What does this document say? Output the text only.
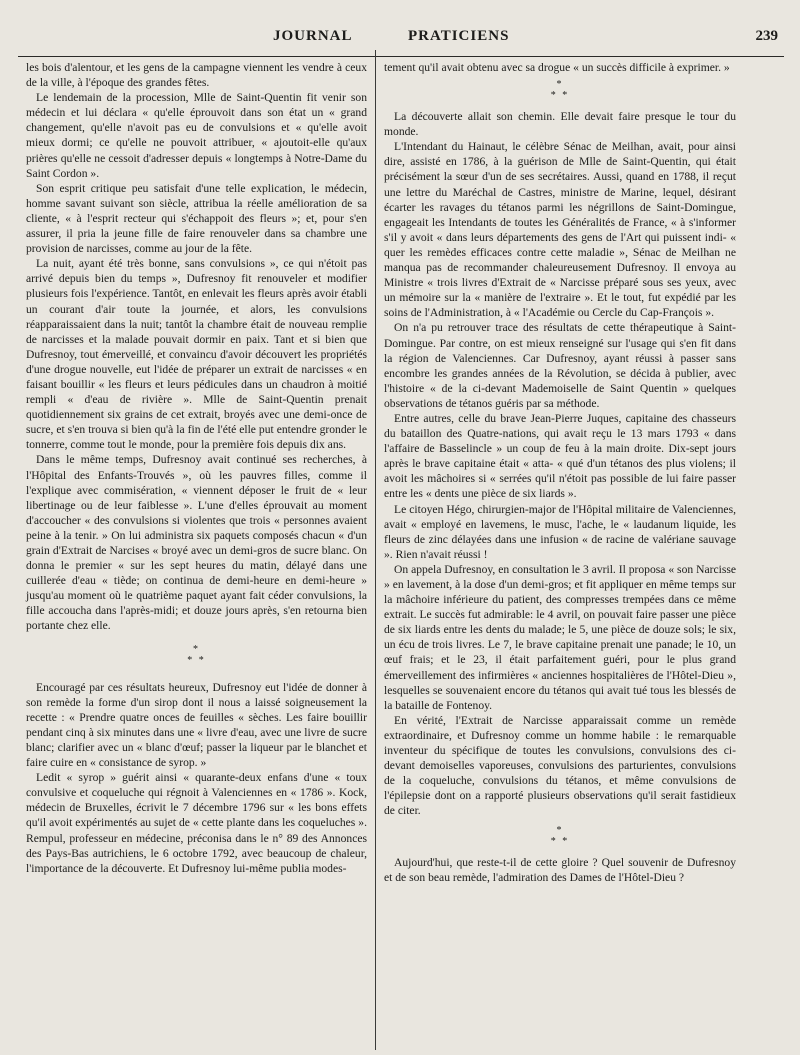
JOURNAL	PRATICIENS	239

les bois d'alentour, et les gens de la campagne viennent les vendre à ceux de la ville, à l'époque des grandes fêtes.

Le lendemain de la procession, Mlle de Saint-Quentin fit venir son médecin et lui déclara « qu'elle éprouvoit dans son état un « grand changement, qu'elle n'avoit pas eu de convulsions et « qu'elle avoit mieux dormi; ce qu'elle ne pouvoit attribuer, « ajoutoit-elle qu'aux prières qu'elle ne cessoit d'adresser depuis « longtemps à Notre-Dame du Saint Cordon ».

Son esprit critique peu satisfait d'une telle explication, le médecin, homme savant suivant son siècle, attribua la réelle amélioration de sa cliente, « à l'esprit recteur qui s'échappoit des fleurs »; et, pour s'en assurer, il pria la jeune fille de faire renouveler dans sa chambre une provision de narcisses, comme au jour de la fête.

La nuit, ayant été très bonne, sans convulsions », ce qui n'étoit pas arrivé depuis bien du temps », Dufresnoy fit renouveler et modifier plusieurs fois l'expérience. Tantôt, en enlevait les fleurs après avoir établi un courant d'air toute la journée, et alors, les convulsions réapparaissaient dans la nuit; tantôt la chambre était de nouveau remplie de narcisses et la malade pouvait dormir en paix. Tant et si bien que Dufresnoy, tout émerveillé, et convaincu d'avoir découvert les propriétés d'une drogue nouvelle, eut l'idée de préparer un extrait de narcisses « en faisant bouillir « les fleurs et leurs pédicules dans un chaudron à moitié rempli « d'eau de rivière ». Mlle de Saint-Quentin prenait quotidiennement six grains de cet extrait, broyés avec une demi-once de sucre, et s'en trouva si bien qu'à la fin de l'été elle put entendre gronder le tonnerre, comme tout le monde, pour la première fois depuis dix ans.

Dans le même temps, Dufresnoy avait continué ses recherches, à l'Hôpital des Enfants-Trouvés », où les pauvres filles, comme il l'explique avec commisération, « viennent déposer le fruit de « leur libertinage ou de leur faiblesse ». L'une d'elles éprouvait au moment d'accoucher « des convulsions si violentes que trois « personnes avaient peine à la tenir. » On lui administra six paquets composés chacun « d'un grain d'Extrait de Narcises « broyé avec un demi-gros de sucre blanc. On donna le premier « sur les sept heures du matin, délayé dans une cuillerée d'eau « tiède; on continua de demi-heure en demi-heure » jusqu'au moment où le quatrième paquet ayant fait céder convulsions, la fille accoucha dans l'après-midi; et douze jours après, s'en retourna bien portante chez elle.

*
* *

Encouragé par ces résultats heureux, Dufresnoy eut l'idée de donner à son remède la forme d'un sirop dont il nous a laissé soigneusement la recette : « Prendre quatre onces de feuilles « sèches. Les faire bouillir pendant cinq à six minutes dans une « livre d'eau, avec une livre de sucre blanc; clarifier avec un « blanc d'œuf; passer la liqueur par le blanchet et faire cuire en « consistance de syrop. »

Ledit « syrop » guérit ainsi « quarante-deux enfans d'une « toux convulsive et coqueluche qui régnoit à Valenciennes en « 1786 ». Kock, médecin de Bruxelles, écrivit le 7 décembre 1796 sur « les bons effets qu'il avoit expérimentés au sujet de « cette plante dans les coqueluches ». Rempul, professeur en médecine, préconisa dans le n° 89 des Annonces des Pays-Bas autrichiens, le 6 octobre 1792, avec beaucoup de chaleur, l'importance de la découverte. Et Dufresnoy lui-même publia modes-

tement qu'il avait obtenu avec sa drogue « un succès difficile à exprimer. »

*
* *

La découverte allait son chemin. Elle devait faire presque le tour du monde.

L'Intendant du Hainaut, le célèbre Sénac de Meilhan, avait, pour ainsi dire, assisté en 1786, à la guérison de Mlle de Saint-Quentin, qui était précisément la sœur d'un de ses secrétaires. Aussi, quand en 1788, il reçut une lettre du Maréchal de Castres, ministre de Marine, lequel, désirant écarter les ravages du tétanos parmi les négrillons de Saint-Domingue, engageait les Intendants de toutes les Généralités de France, « à s'informer s'il y avoit « dans leurs départements des gens de l'Art qui puissent indi- « quer les remèdes efficaces contre cette maladie », Sénac de Meilhan ne manqua pas de recommander chaleureusement Dufresnoy. Il envoya au Ministre « trois livres d'Extrait de « Narcisse préparé sous ses yeux, avec un mémoire sur la « manière de l'extraire ». Et le tout, fut expédié par les soins de l'Administration, à « l'Académie ou Cercle du Cap-François ».

On n'a pu retrouver trace des résultats de cette thérapeutique à Saint-Domingue. Par contre, on est mieux renseigné sur l'usage qui s'en fit dans la région de Valenciennes. Car Dufresnoy, ayant réussi à passer sans encombre les grandes années de la Révolution, se décida à publier, avec l'histoire « de la ci-devant Mademoiselle de Saint Quentin » quelques observations de tétanos guéris par sa méthode.

Entre autres, celle du brave Jean-Pierre Juques, capitaine des chasseurs du bataillon des Quatre-nations, qui avait reçu le 13 mars 1793 « dans l'affaire de Basselincle » un coup de feu à la main droite. Dix-sept jours après le brave capitaine était « atta- « qué d'un tétanos des plus violens; il avoit les mâchoires si « serrées qu'il n'étoit pas possible de lui faire passer entre les « dents une pièce de six liards ».

Le citoyen Hégo, chirurgien-major de l'Hôpital militaire de Valenciennes, avait « employé en lavemens, le musc, l'ache, le « laudanum liquide, les fleurs de zinc délayées dans une infusion « de racine de valériane sauvage ». Rien n'avait réussi !

On appela Dufresnoy, en consultation le 3 avril. Il proposa « son Narcisse » en lavement, à la dose d'un demi-gros; et fit appliquer en même temps sur la mâchoire inférieure du patient, des compresses trempées dans ce même extrait. Le succès fut admirable: le 4 avril, on pouvait faire passer une pièce de six liards entre les dents du malade; le 5, une pièce de douze sols; le six, un écu de trois livres. Le 7, le brave capitaine prenait une panade; le 10, un œuf frais; et le 23, il était parfaitement guéri, pour le plus grand émerveillement des infirmières « anciennes hospitalières de l'Hôtel-Dieu », lesquelles se souvenaient encore du tétanos qui avait tué tous les blessés de la bataille de Fontenoy.

En vérité, l'Extrait de Narcisse apparaissait comme un remède extraordinaire, et Dufresnoy comme un homme habile : le remarquable inventeur du spécifique de toutes les convulsions, convulsions des ci-devant demoiselles vaporeuses, convulsions des parturientes, convulsions de la coqueluche, convulsions du tétanos, et même convulsions de l'épilepsie dont on a rapporté plusieurs observations qu'il serait fastidieux de citer.

*
* *

Aujourd'hui, que reste-t-il de cette gloire ? Quel souvenir de Dufresnoy et de son beau remède, l'admiration des Dames de l'Hôtel-Dieu ?
